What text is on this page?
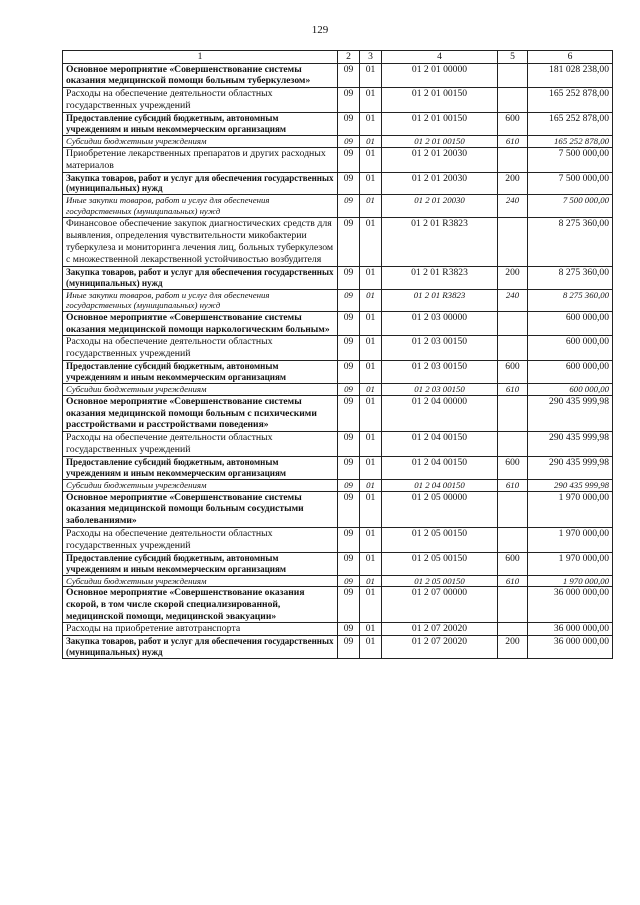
129
1	2	3	4	5	6
Основное мероприятие «Совершенствование системы оказания медицинской помощи больным туберкулезом»	09	01	01 2 01 00000		181 028 238,00
Расходы на обеспечение деятельности областных государственных учреждений	09	01	01 2 01 00150		165 252 878,00
Предоставление субсидий бюджетным, автономным учреждениям и иным некоммерческим организациям	09	01	01 2 01 00150	600	165 252 878,00
Субсидии бюджетным учреждениям	09	01	01 2 01 00150	610	165 252 878,00
Приобретение лекарственных препаратов и других расходных материалов	09	01	01 2 01 20030		7 500 000,00
Закупка товаров, работ и услуг для обеспечения государственных (муниципальных) нужд	09	01	01 2 01 20030	200	7 500 000,00
Иные закупки товаров, работ и услуг для обеспечения государственных (муниципальных) нужд	09	01	01 2 01 20030	240	7 500 000,00
Финансовое обеспечение закупок диагностических средств для выявления, определения чувствительности микобактерии туберкулеза и мониторинга лечения лиц, больных туберкулезом с множественной лекарственной устойчивостью возбудителя	09	01	01 2 01 R3823		8 275 360,00
Закупка товаров, работ и услуг для обеспечения государственных (муниципальных) нужд	09	01	01 2 01 R3823	200	8 275 360,00
Иные закупки товаров, работ и услуг для обеспечения государственных (муниципальных) нужд	09	01	01 2 01 R3823	240	8 275 360,00
Основное мероприятие «Совершенствование системы оказания медицинской помощи наркологическим больным»	09	01	01 2 03 00000		600 000,00
Расходы на обеспечение деятельности областных государственных учреждений	09	01	01 2 03 00150		600 000,00
Предоставление субсидий бюджетным, автономным учреждениям и иным некоммерческим организациям	09	01	01 2 03 00150	600	600 000,00
Субсидии бюджетным учреждениям	09	01	01 2 03 00150	610	600 000,00
Основное мероприятие «Совершенствование системы оказания медицинской помощи больным с психическими расстройствами и расстройствами поведения»	09	01	01 2 04 00000		290 435 999,98
Расходы на обеспечение деятельности областных государственных учреждений	09	01	01 2 04 00150		290 435 999,98
Предоставление субсидий бюджетным, автономным учреждениям и иным некоммерческим организациям	09	01	01 2 04 00150	600	290 435 999,98
Субсидии бюджетным учреждениям	09	01	01 2 04 00150	610	290 435 999,98
Основное мероприятие «Совершенствование системы оказания медицинской помощи больным сосудистыми заболеваниями»	09	01	01 2 05 00000		1 970 000,00
Расходы на обеспечение деятельности областных государственных учреждений	09	01	01 2 05 00150		1 970 000,00
Предоставление субсидий бюджетным, автономным учреждениям и иным некоммерческим организациям	09	01	01 2 05 00150	600	1 970 000,00
Субсидии бюджетным учреждениям	09	01	01 2 05 00150	610	1 970 000,00
Основное мероприятие «Совершенствование оказания скорой, в том числе скорой специализированной, медицинской помощи, медицинской эвакуации»	09	01	01 2 07 00000		36 000 000,00
Расходы на приобретение автотранспорта	09	01	01 2 07 20020		36 000 000,00
Закупка товаров, работ и услуг для обеспечения государственных (муниципальных) нужд	09	01	01 2 07 20020	200	36 000 000,00
